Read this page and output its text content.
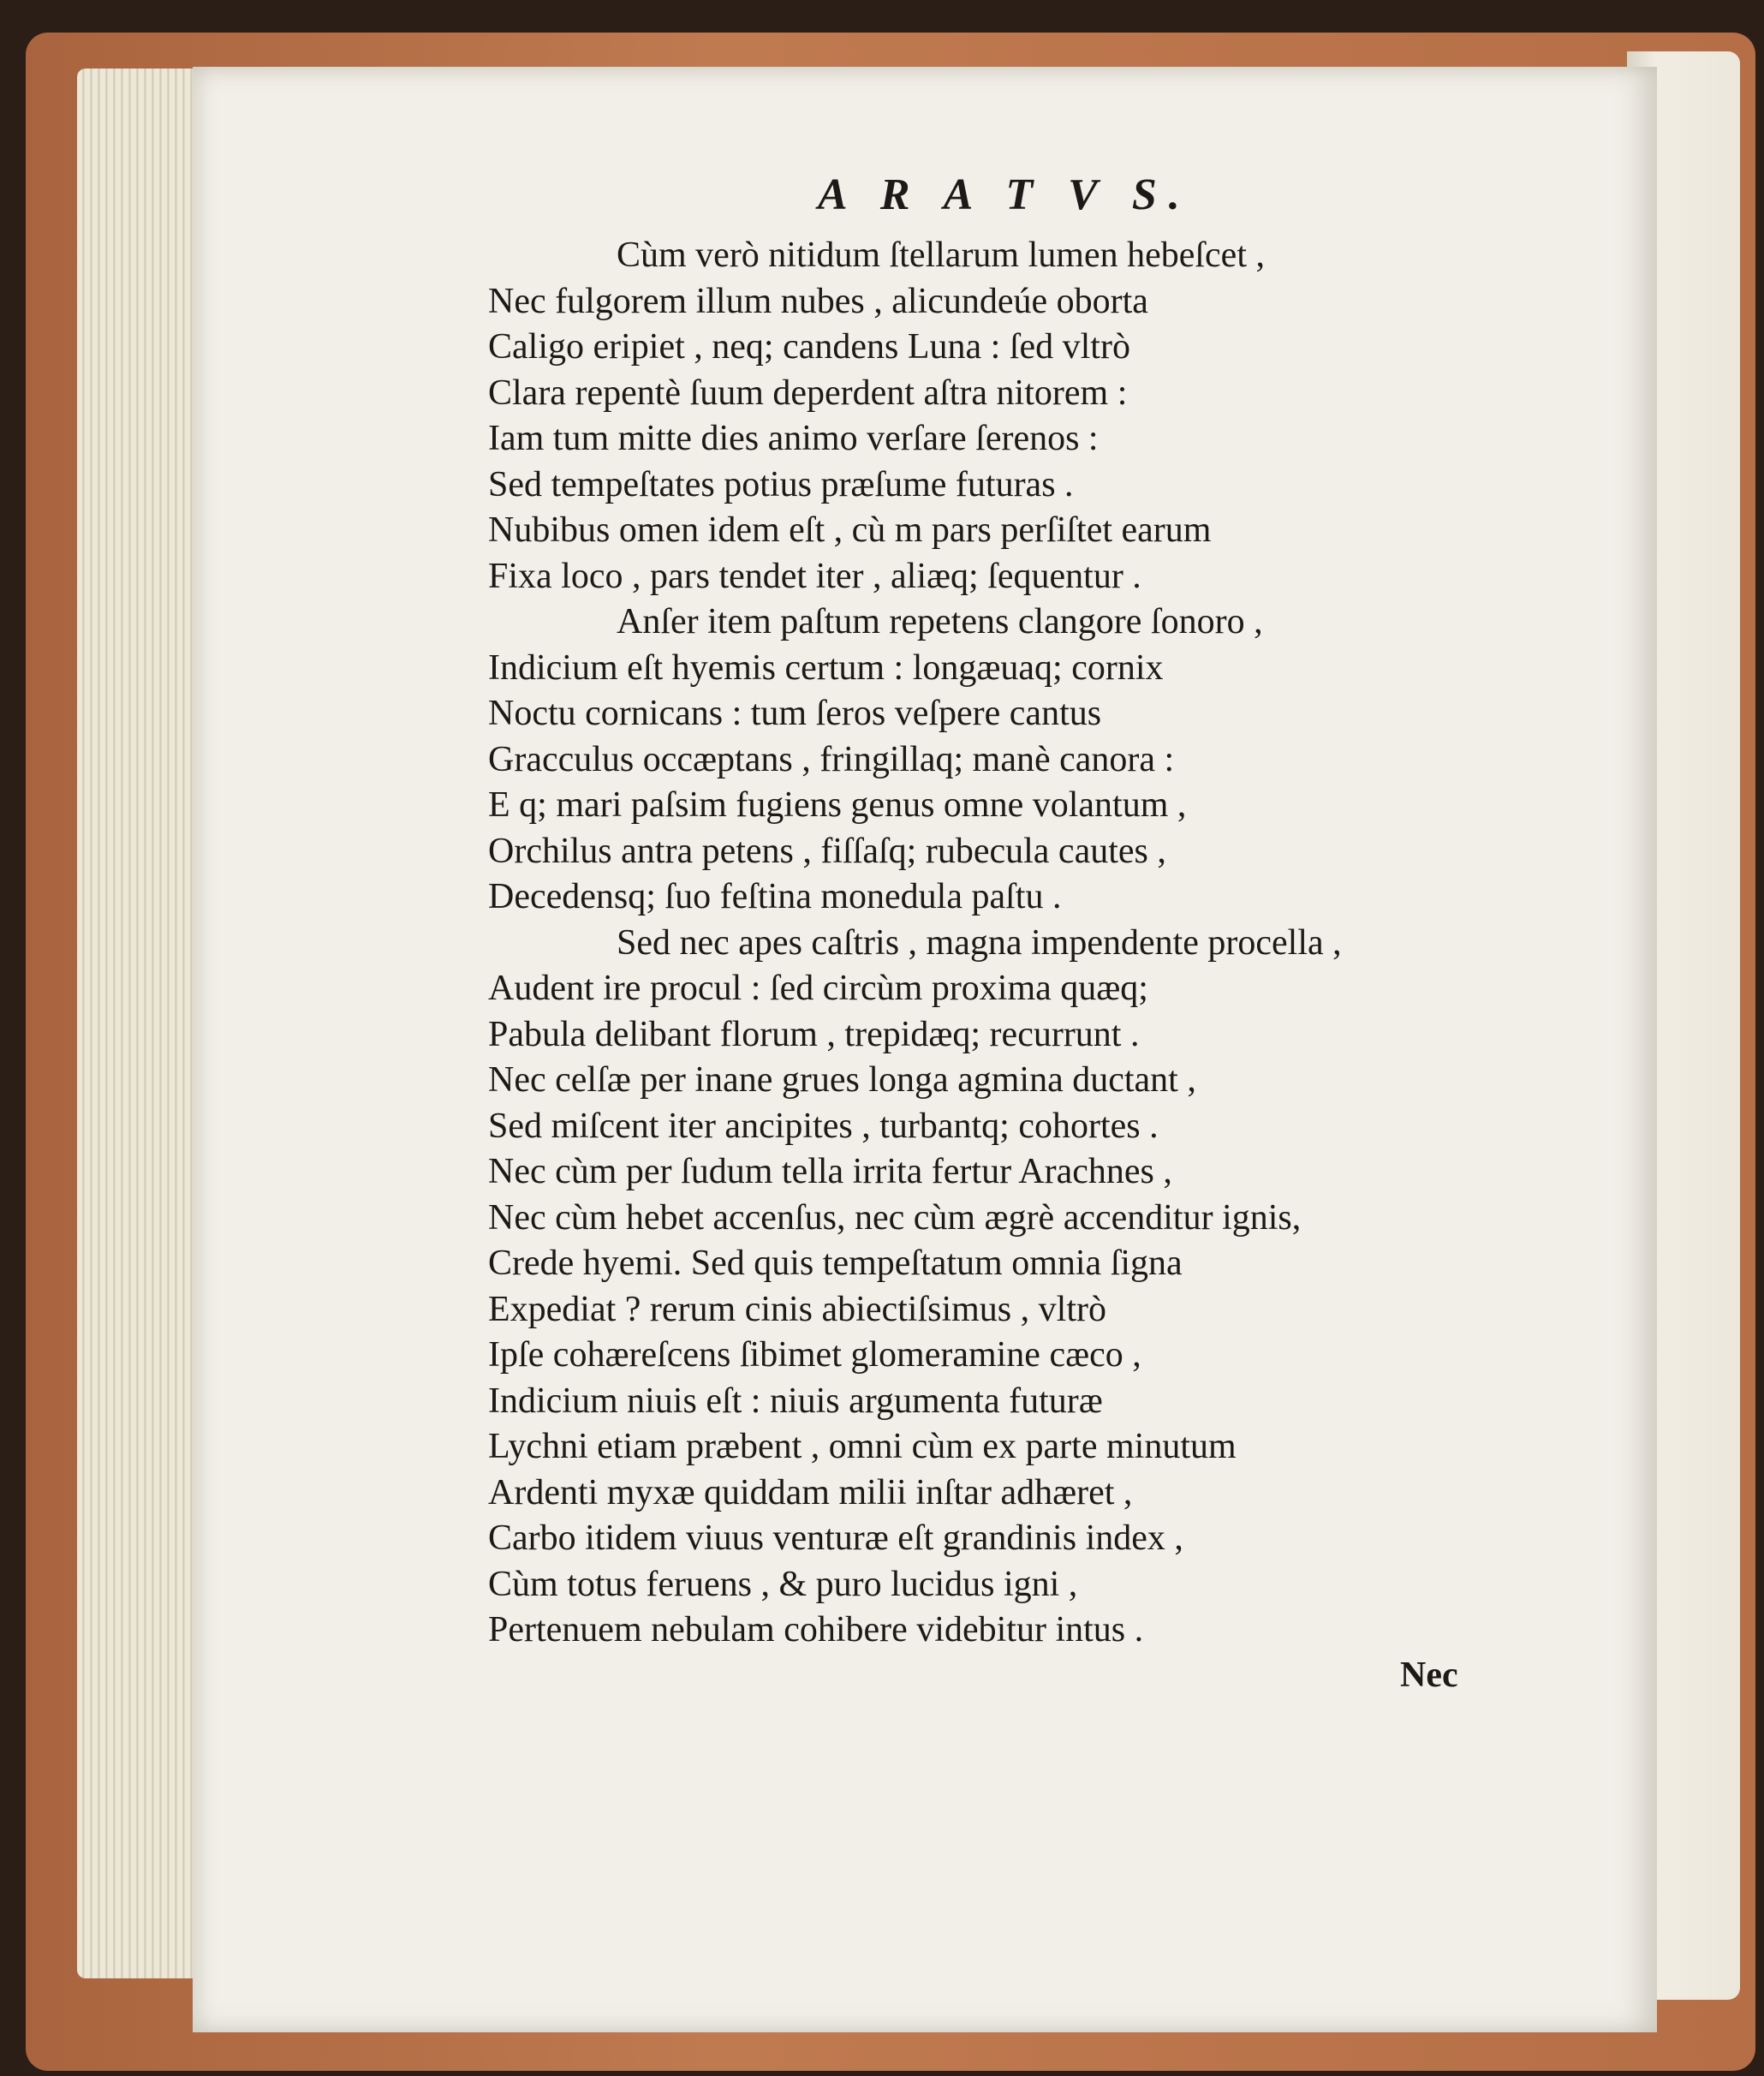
A R A T V S.
Cùm verò nitidum ſtellarum lumen hebeſcet ,
Nec fulgorem illum nubes , alicundeúe oborta
Caligo eripiet , neq; candens Luna : ſed vltrò
Clara repentè ſuum deperdent aſtra nitorem :
Iam tum mitte dies animo verſare ſerenos :
Sed tempeſtates potius præſume futuras .
Nubibus omen idem eſt , cù m pars perſiſtet earum
Fixa loco , pars tendet iter , aliæq; ſequentur .
Anſer item paſtum repetens clangore ſonoro ,
Indicium eſt hyemis certum : longæuaq; cornix
Noctu cornicans : tum ſeros veſpere cantus
Gracculus occæptans , fringillaq; manè canora :
E q; mari paſsim fugiens genus omne volantum ,
Orchilus antra petens , fiſſaſq; rubecula cautes ,
Decedensq; ſuo feſtina monedula paſtu .
Sed nec apes caſtris , magna impendente procella ,
Audent ire procul : ſed circùm proxima quæq;
Pabula delibant florum , trepidæq; recurrunt .
Nec celſæ per inane grues longa agmina ductant ,
Sed miſcent iter ancipites , turbantq; cohortes .
Nec cùm per ſudum tella irrita fertur Arachnes ,
Nec cùm hebet accenſus, nec cùm ægrè accenditur ignis,
Crede hyemi. Sed quis tempeſtatum omnia ſigna
Expediat ? rerum cinis abiectiſsimus , vltrò
Ipſe cohæreſcens ſibimet glomeramine cæco ,
Indicium niuis eſt : niuis argumenta futuræ
Lychni etiam præbent , omni cùm ex parte minutum
Ardenti myxæ quiddam milii inſtar adhæret ,
Carbo itidem viuus venturæ eſt grandinis index ,
Cùm totus feruens , & puro lucidus igni ,
Pertenuem nebulam cohibere videbitur intus .
Nec
